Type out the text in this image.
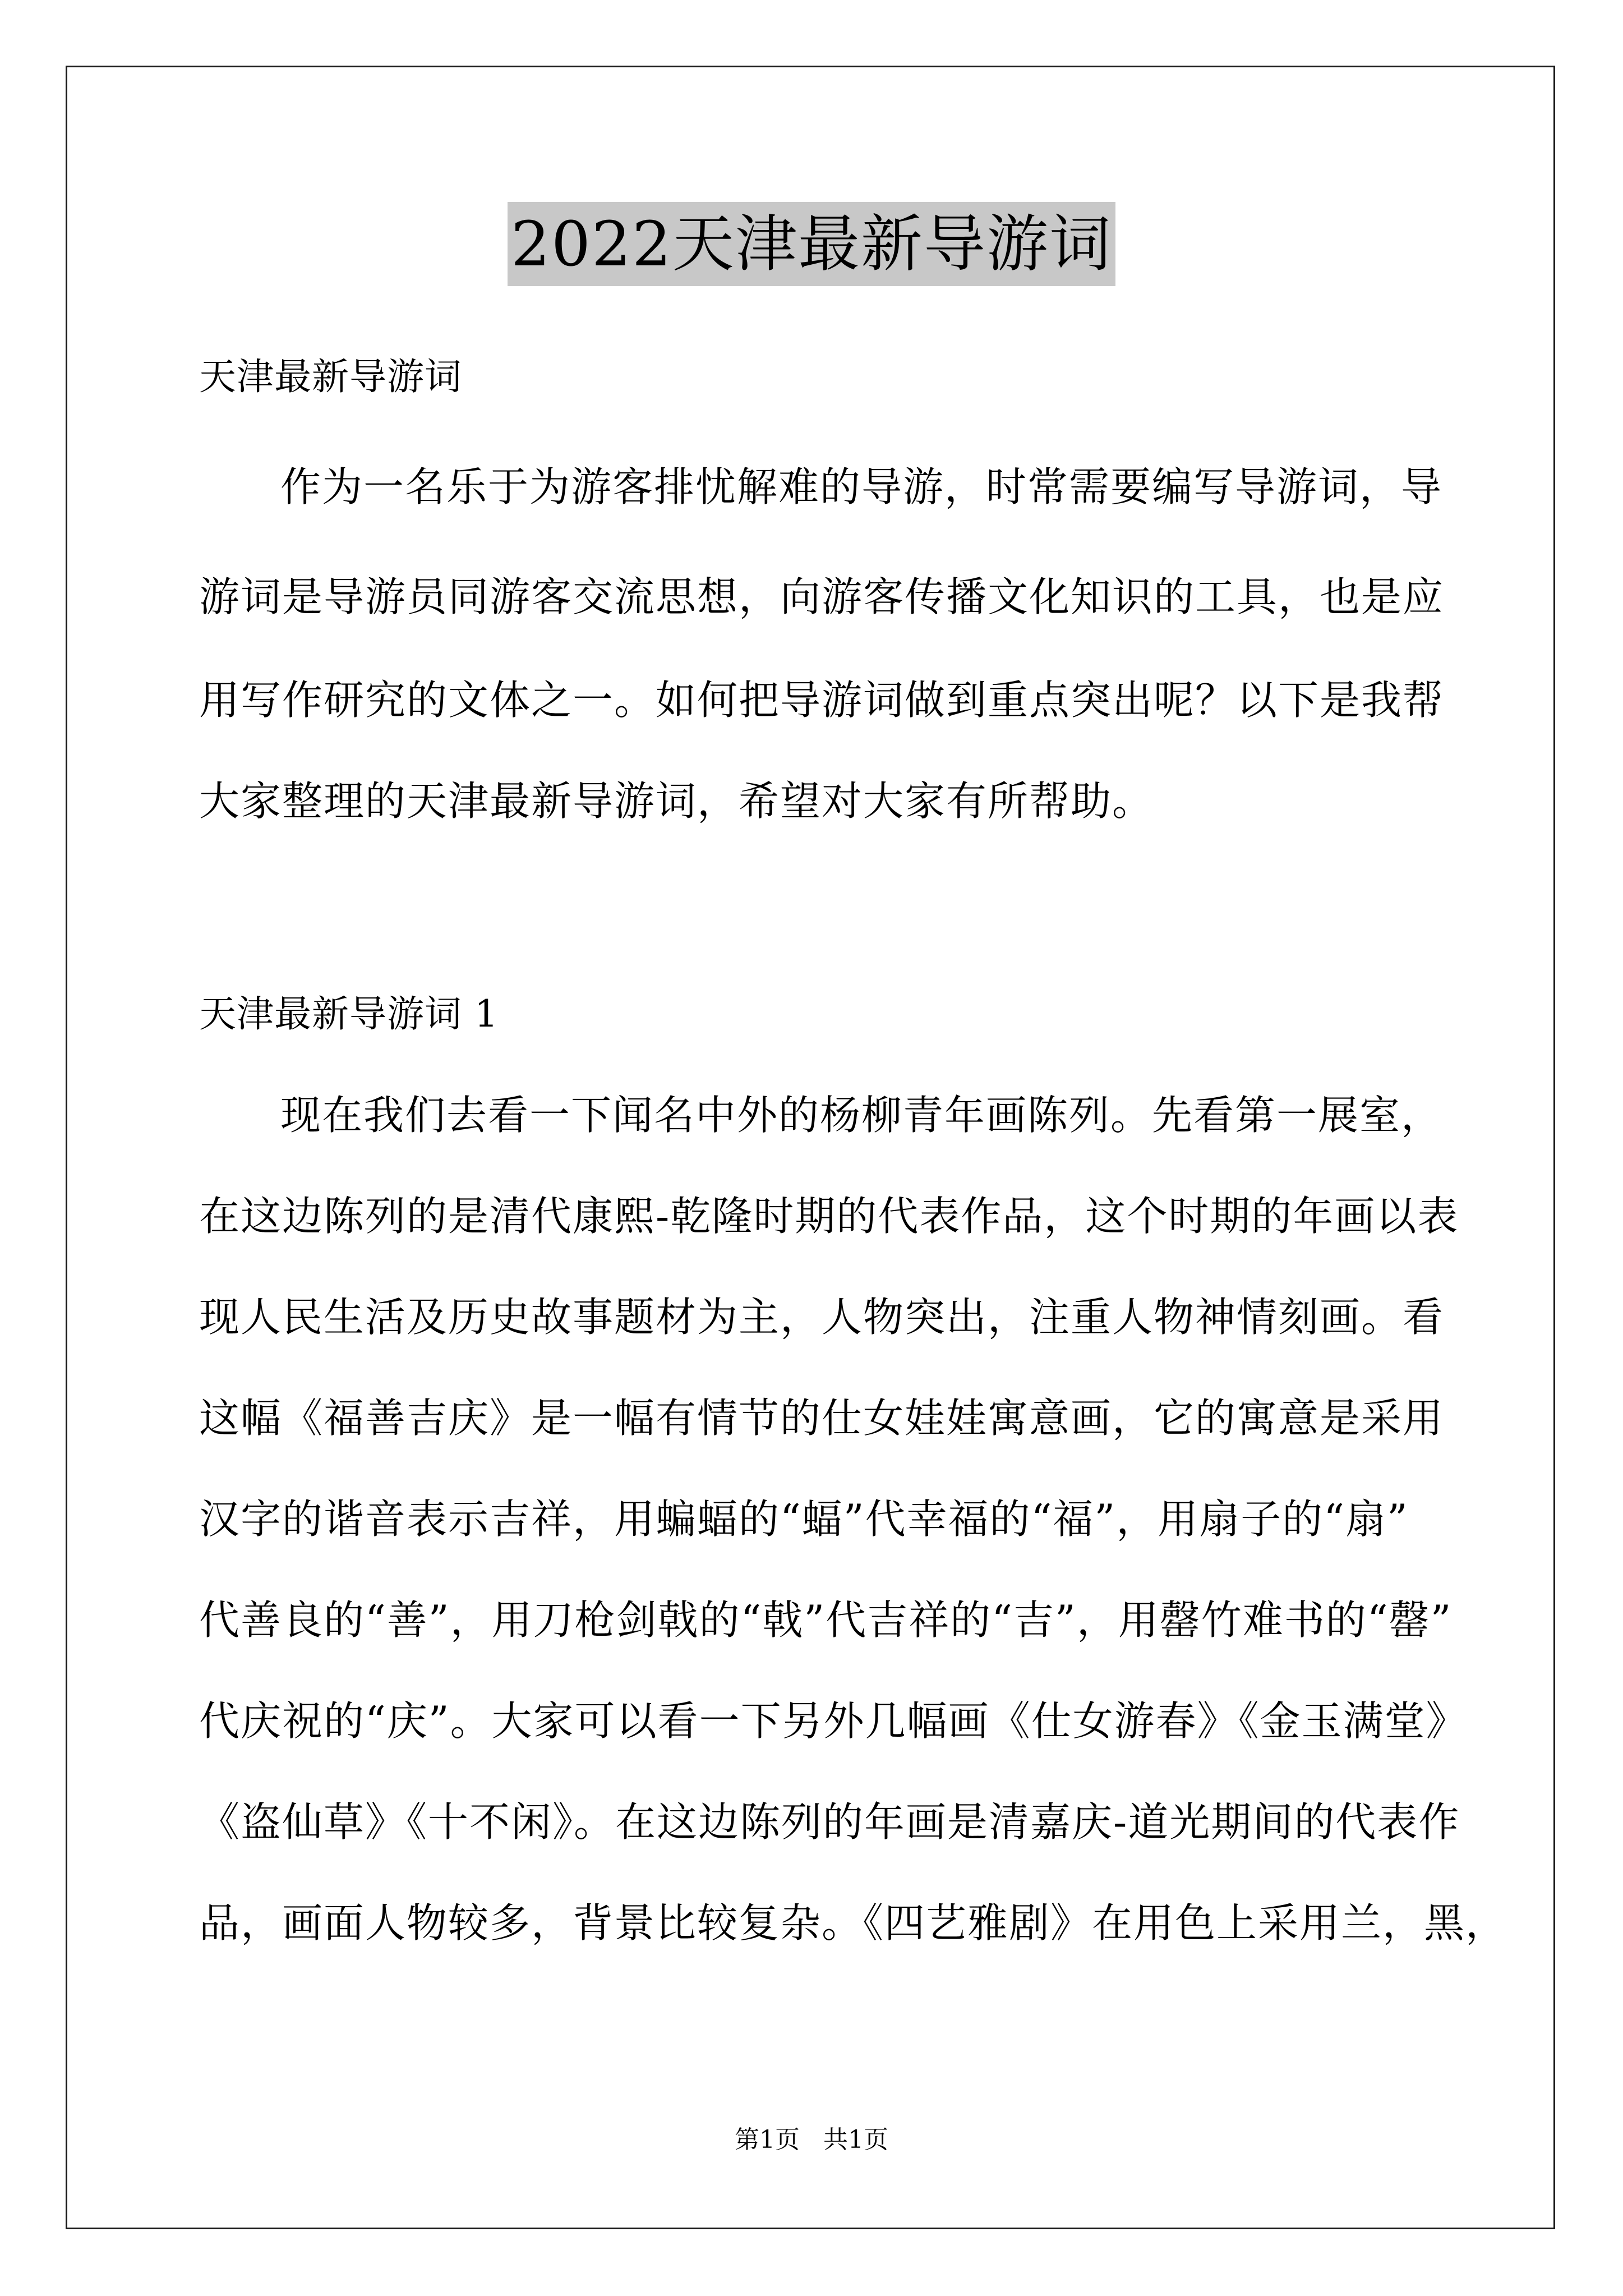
2022天津最新导游词
天津最新导游词
作为一名乐于为游客排忧解难的导游，时常需要编写导游词，导
游词是导游员同游客交流思想，向游客传播文化知识的工具，也是应
用写作研究的文体之一。如何把导游词做到重点突出呢？以下是我帮
大家整理的天津最新导游词，希望对大家有所帮助。
天津最新导游词 1
现在我们去看一下闻名中外的杨柳青年画陈列。先看第一展室，
在这边陈列的是清代康熙-乾隆时期的代表作品，这个时期的年画以表
现人民生活及历史故事题材为主，人物突出，注重人物神情刻画。看
这幅《福善吉庆》是一幅有情节的仕女娃娃寓意画，它的寓意是采用
汉字的谐音表示吉祥，用蝙蝠的“蝠”代幸福的“福”，用扇子的“扇”
代善良的“善”，用刀枪剑戟的“戟”代吉祥的“吉”，用罄竹难书的“罄”
代庆祝的“庆”。大家可以看一下另外几幅画《仕女游春》《金玉满堂》
《盗仙草》《十不闲》。在这边陈列的年画是清嘉庆-道光期间的代表作
品，画面人物较多，背景比较复杂。《四艺雅剧》在用色上采用兰，黑，
第1页   共1页
